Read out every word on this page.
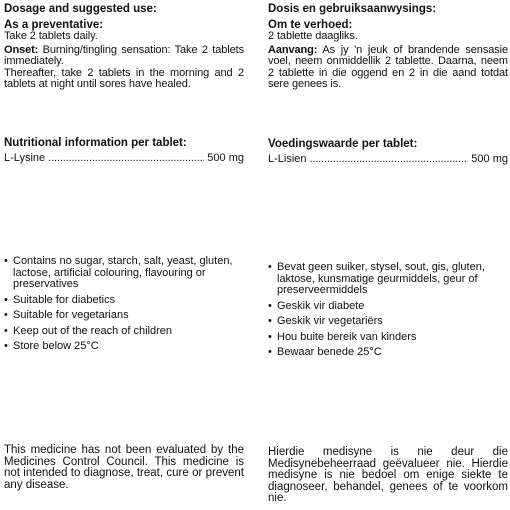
Dosage and suggested use:

As a preventative:

Take 2 tablets daily.

Onset: Burning/tingling sensation: Take 2 tablets immediately.

Thereafter, take 2 tablets in the morning and 2 tablets at night until sores have healed.

Nutritional information per tablet:

L-Lysine . . .	500 mg
• Contains no sugar, starch, salt, yeast, gluten, lactose, artificial colouring, flavouring or preservatives
• Suitable for diabetics
• Suitable for vegetarians
• Keep out of the reach of children
• Store below 25°C

This medicine has not been evaluated by the Medicines Control Council. This medicine is not intended to diagnose, treat, cure or prevent any disease.

Dosis en gebruiksaanwysings:

Om te verhoed:

2 tablette daagliks.

Aanvang: As jy 'n jeuk of brandende sensasie voel, neem onmiddellik 2 tablette. Daarna, neem 2 tablette in die oggend en 2 in die aand totdat sere genees is.

Voedingswaarde per tablet:

L-Lisien . . .	500 mg
• Bevat geen suiker, stysel, sout, gis, gluten, laktose, kunsmatige geurmiddels, geur of preserveermiddels
• Geskik vir diabete
• Geskik vir vegetariërs
• Hou buite bereik van kinders
• Bewaar benede 25°C

Hierdie medisyne is nie deur die Medisynebeheerraad geëvalueer nie. Hierdie medisyne is nie bedoel om enige siekte te diagnoseer, behandel, genees of te voorkom nie.
